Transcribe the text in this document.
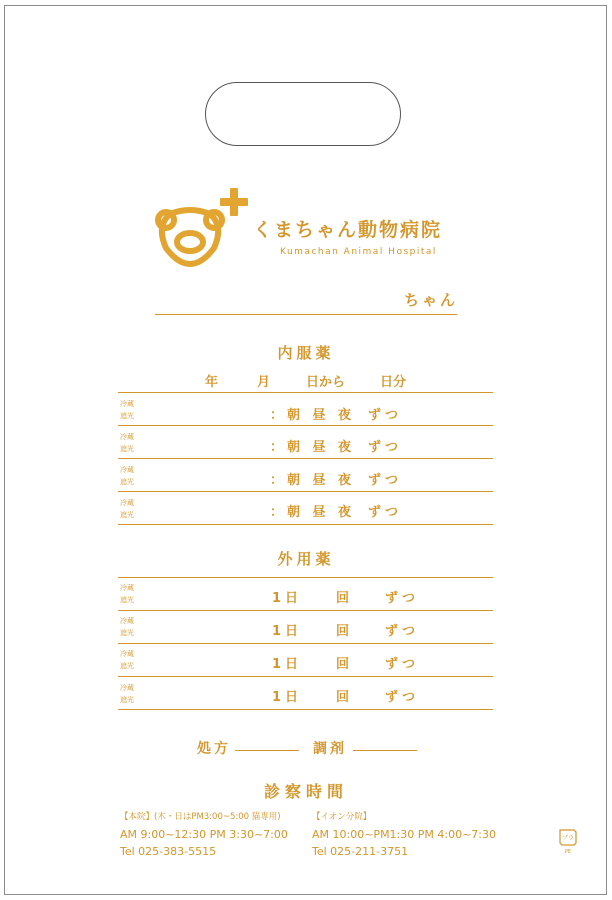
くまちゃん動物病院
Kumachan Animal Hospital
ちゃん
内服薬
年	月	日から	日分
冷蔵
遮光	：朝 昼 夜 ずつ
冷蔵
遮光	：朝 昼 夜 ずつ
冷蔵
遮光	：朝 昼 夜 ずつ
冷蔵
遮光	：朝 昼 夜 ずつ
外用薬
冷蔵
遮光	1日	回 ずつ
冷蔵
遮光	1日	回 ずつ
冷蔵
遮光	1日	回 ずつ
冷蔵
遮光	1日	回 ずつ
処方	調剤
診察時間
【本院】(木・日はPM3:00~5:00 猫専用)
AM 9:00~12:30 PM 3:30~7:00
Tel 025-383-5515
【イオン分院】
AM 10:00~PM1:30 PM 4:00~7:30
Tel 025-211-3751
プラ
PE
